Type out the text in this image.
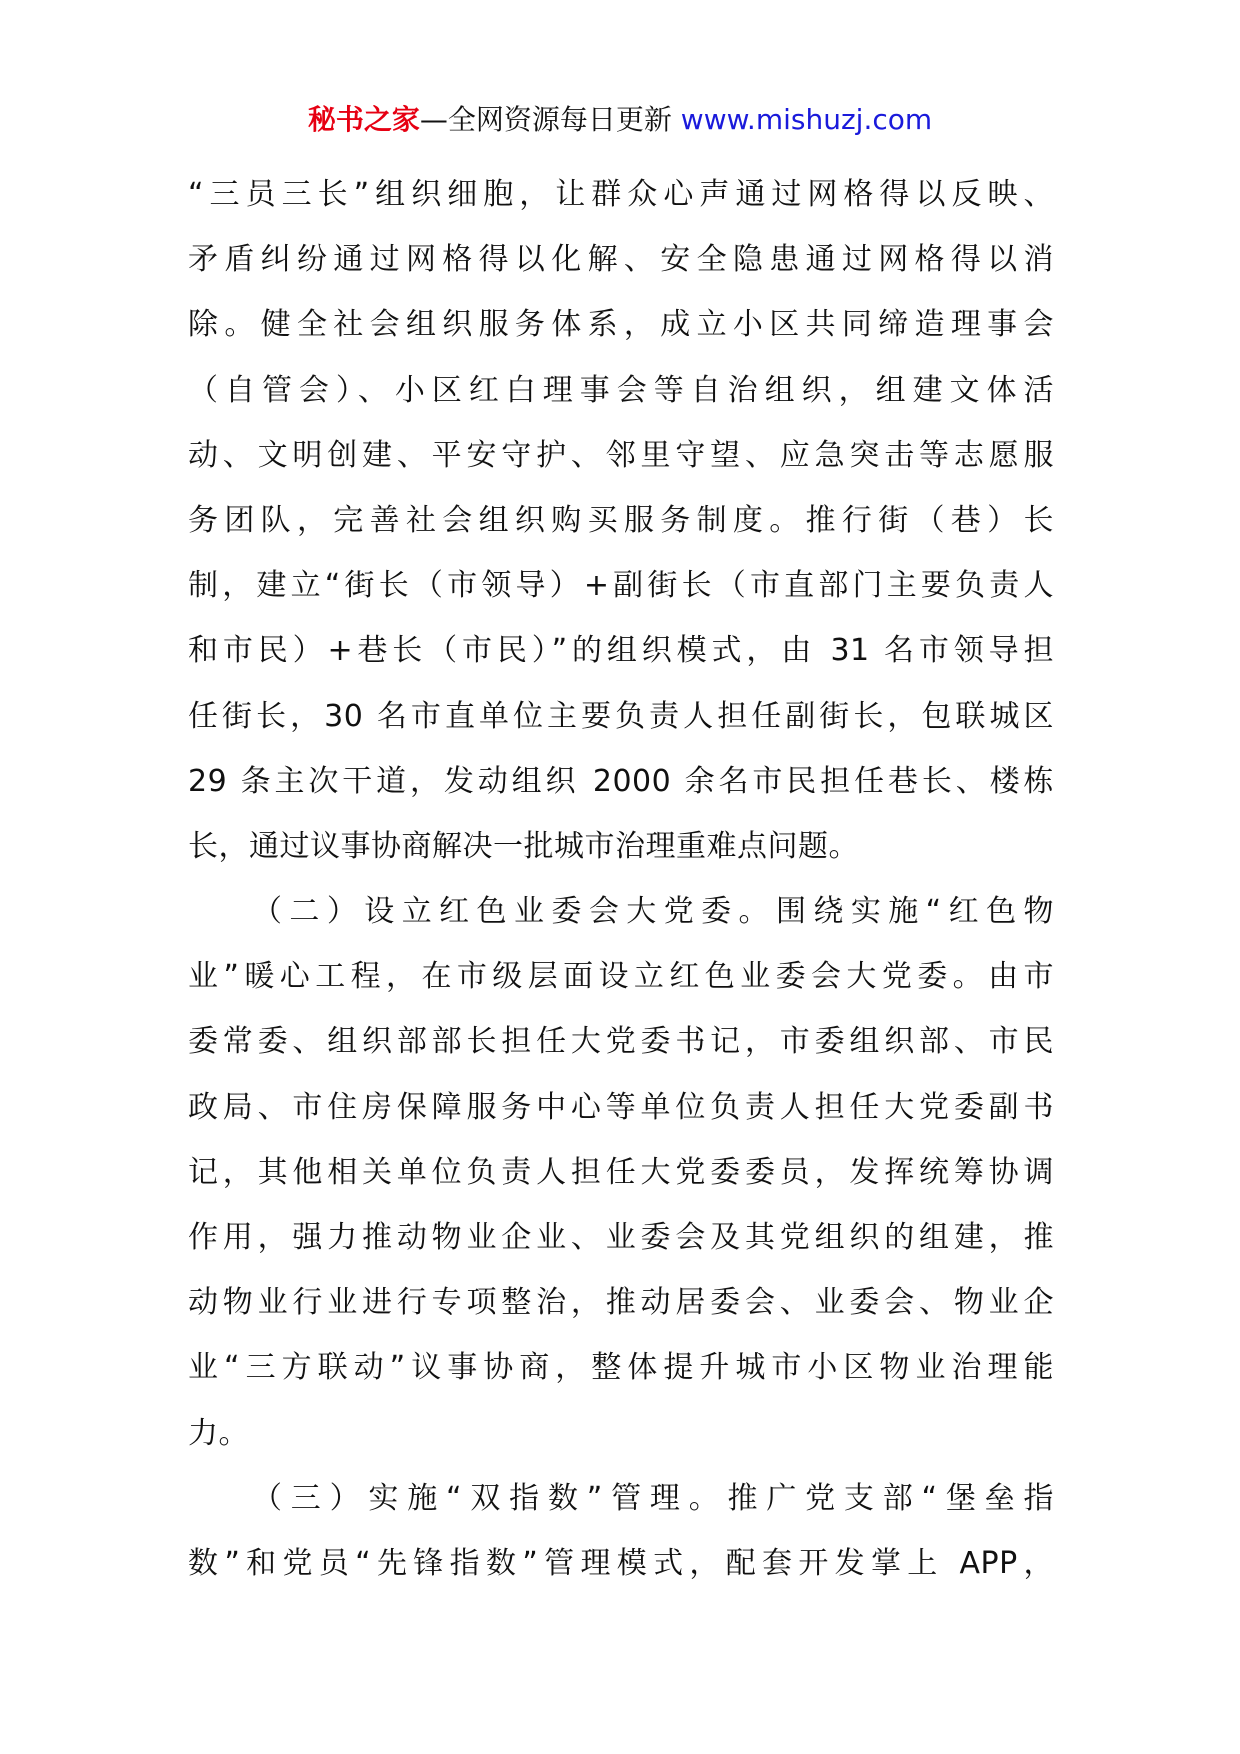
秘书之家—全网资源每日更新 www.mishuzj.com
“三员三长”组织细胞，让群众心声通过网格得以反映、
矛盾纠纷通过网格得以化解、安全隐患通过网格得以消
除。健全社会组织服务体系，成立小区共同缔造理事会
（自管会）、小区红白理事会等自治组织，组建文体活
动、文明创建、平安守护、邻里守望、应急突击等志愿服
务团队，完善社会组织购买服务制度。推行街（巷）长
制，建立“街长（市领导）+副街长（市直部门主要负责人
和市民）+巷长（市民）”的组织模式，由 31 名市领导担
任街长，30 名市直单位主要负责人担任副街长，包联城区
29 条主次干道，发动组织 2000 余名市民担任巷长、楼栋
长，通过议事协商解决一批城市治理重难点问题。
（二）设立红色业委会大党委。围绕实施“红色物
业”暖心工程，在市级层面设立红色业委会大党委。由市
委常委、组织部部长担任大党委书记，市委组织部、市民
政局、市住房保障服务中心等单位负责人担任大党委副书
记，其他相关单位负责人担任大党委委员，发挥统筹协调
作用，强力推动物业企业、业委会及其党组织的组建，推
动物业行业进行专项整治，推动居委会、业委会、物业企
业“三方联动”议事协商，整体提升城市小区物业治理能
力。
（三）实施“双指数”管理。推广党支部“堡垒指
数”和党员“先锋指数”管理模式，配套开发掌上 APP，
